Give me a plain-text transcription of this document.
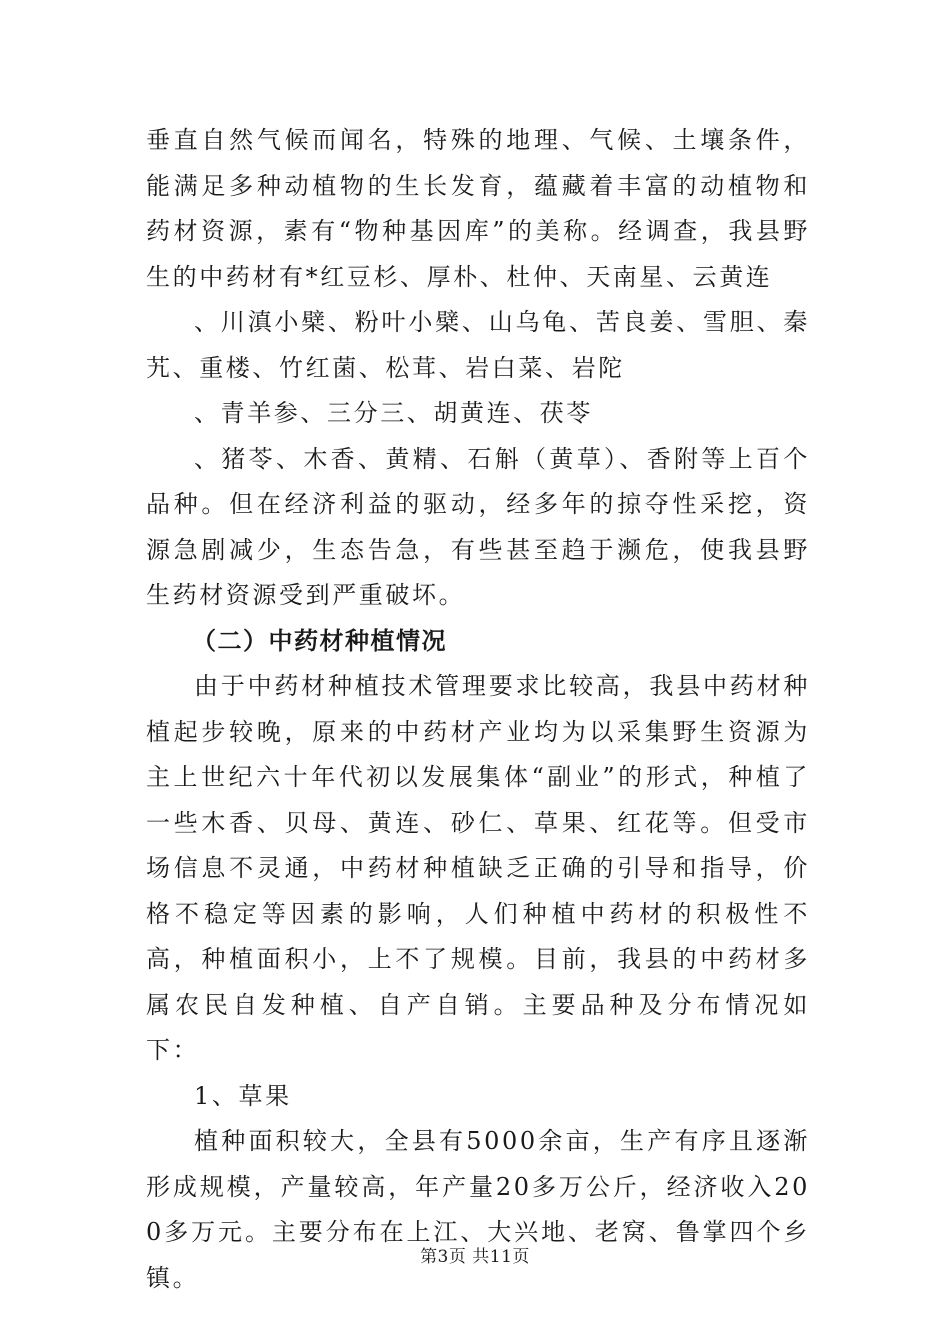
垂直自然气候而闻名，特殊的地理、气候、土壤条件，能满足多种动植物的生长发育，蕴藏着丰富的动植物和药材资源，素有“物种基因库”的美称。经调查，我县野生的中药材有*红豆杉、厚朴、杜仲、天南星、云黄连

、川滇小檗、粉叶小檗、山乌龟、苦良姜、雪胆、秦艽、重楼、竹红菌、松茸、岩白菜、岩陀

、青羊参、三分三、胡黄连、茯苓

、猪苓、木香、黄精、石斛（黄草）、香附等上百个品种。但在经济利益的驱动，经多年的掠夺性采挖，资源急剧减少，生态告急，有些甚至趋于濒危，使我县野生药材资源受到严重破坏。

（二）中药材种植情况

由于中药材种植技术管理要求比较高，我县中药材种植起步较晚，原来的中药材产业均为以采集野生资源为主上世纪六十年代初以发展集体“副业”的形式，种植了一些木香、贝母、黄连、砂仁、草果、红花等。但受市场信息不灵通，中药材种植缺乏正确的引导和指导，价格不稳定等因素的影响，人们种植中药材的积极性不高，种植面积小，上不了规模。目前，我县的中药材多属农民自发种植、自产自销。主要品种及分布情况如下：

1、草果

植种面积较大，全县有5000余亩，生产有序且逐渐形成规模，产量较高，年产量20多万公斤，经济收入200多万元。主要分布在上江、大兴地、老窝、鲁掌四个乡镇。

第3页 共11页
